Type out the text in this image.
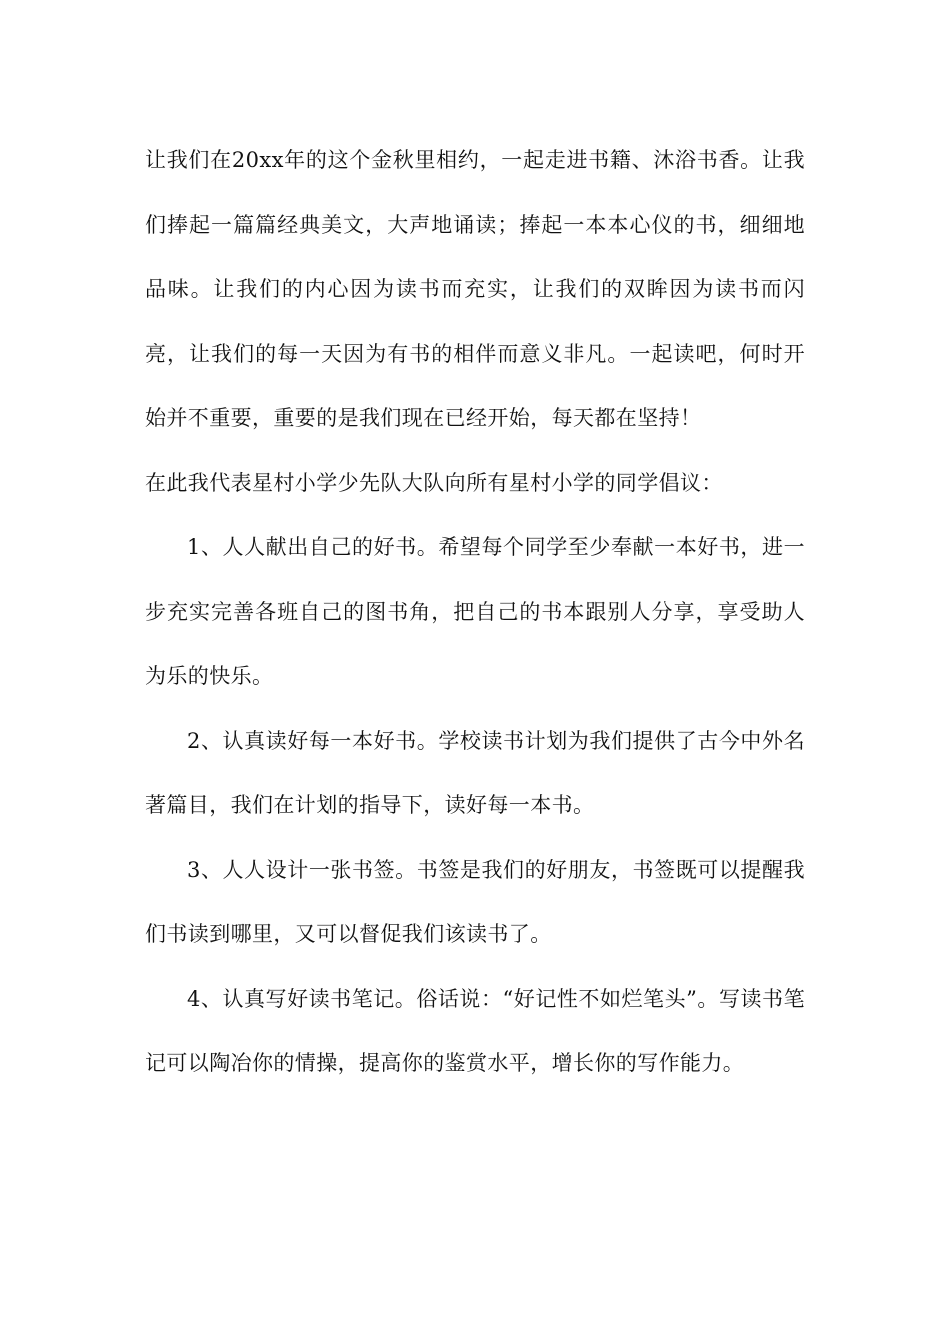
让我们在20xx年的这个金秋里相约，一起走进书籍、沐浴书香。让我们捧起一篇篇经典美文，大声地诵读；捧起一本本心仪的书，细细地品味。让我们的内心因为读书而充实，让我们的双眸因为读书而闪亮，让我们的每一天因为有书的相伴而意义非凡。一起读吧，何时开始并不重要，重要的是我们现在已经开始，每天都在坚持！

在此我代表星村小学少先队大队向所有星村小学的同学倡议：

1、人人献出自己的好书。希望每个同学至少奉献一本好书，进一步充实完善各班自己的图书角，把自己的书本跟别人分享，享受助人为乐的快乐。

2、认真读好每一本好书。学校读书计划为我们提供了古今中外名著篇目，我们在计划的指导下，读好每一本书。

3、人人设计一张书签。书签是我们的好朋友，书签既可以提醒我们书读到哪里，又可以督促我们该读书了。

4、认真写好读书笔记。俗话说：“好记性不如烂笔头”。写读书笔记可以陶冶你的情操，提高你的鉴赏水平，增长你的写作能力。
